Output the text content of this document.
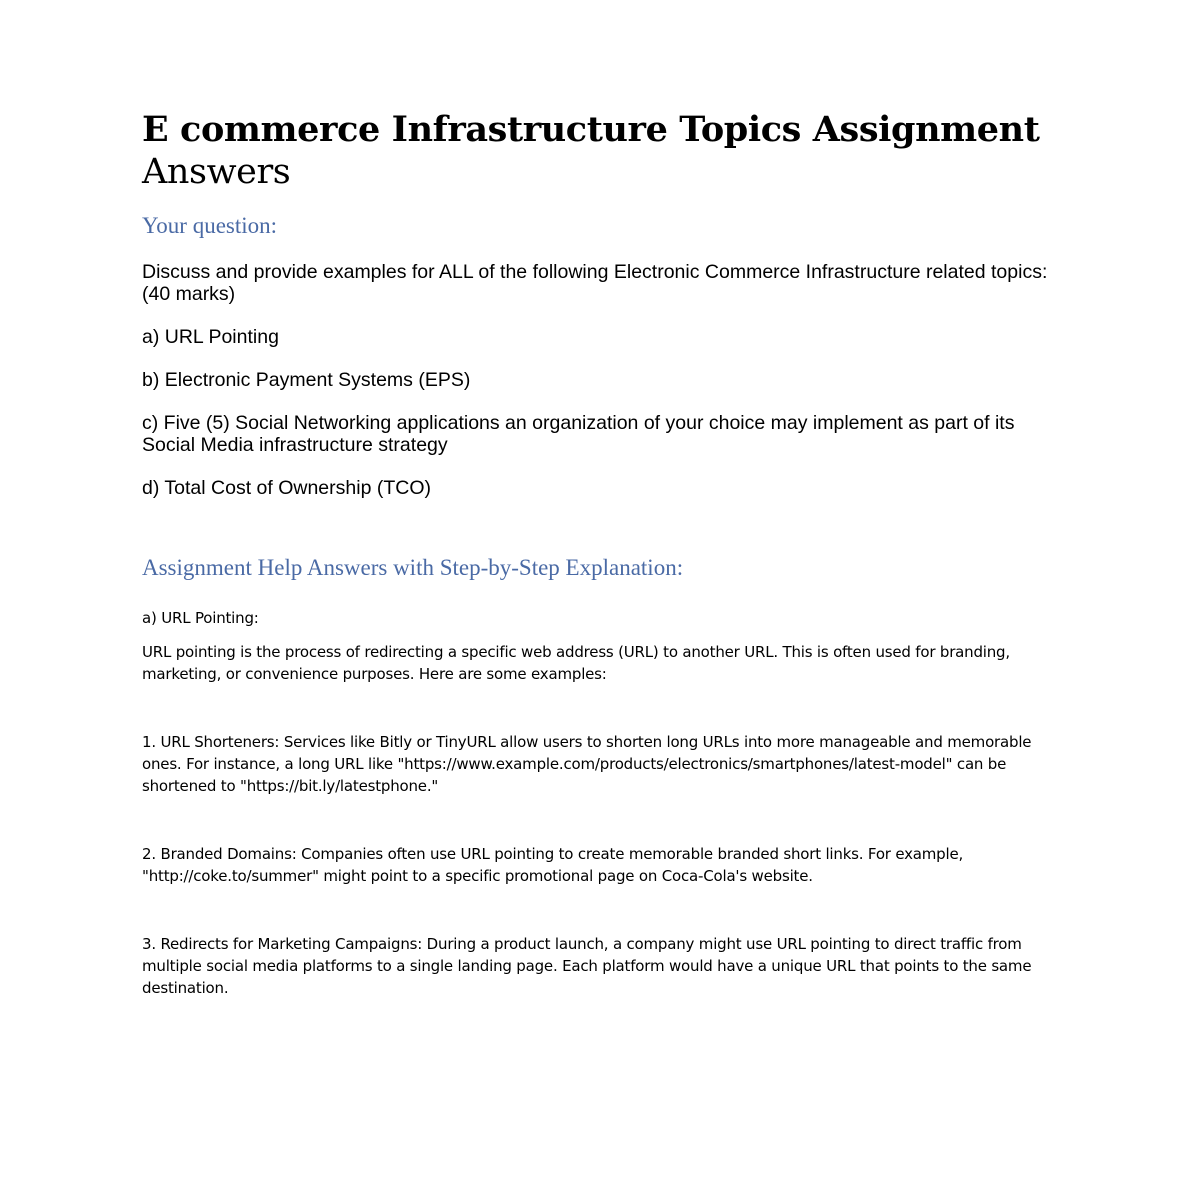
E commerce Infrastructure Topics Assignment
Answers
Your question:

Discuss and provide examples for ALL of the following Electronic Commerce Infrastructure related topics: (40 marks)

a) URL Pointing

b) Electronic Payment Systems (EPS)

c) Five (5) Social Networking applications an organization of your choice may implement as part of its Social Media infrastructure strategy

d) Total Cost of Ownership (TCO)

Assignment Help Answers with Step-by-Step Explanation:

a) URL Pointing:

URL pointing is the process of redirecting a specific web address (URL) to another URL. This is often used for branding, marketing, or convenience purposes. Here are some examples:

1. URL Shorteners: Services like Bitly or TinyURL allow users to shorten long URLs into more manageable and memorable ones. For instance, a long URL like "https://www.example.com/products/electronics/smartphones/latest-model" can be shortened to "https://bit.ly/latestphone."

2. Branded Domains: Companies often use URL pointing to create memorable branded short links. For example, "http://coke.to/summer" might point to a specific promotional page on Coca-Cola's website.

3. Redirects for Marketing Campaigns: During a product launch, a company might use URL pointing to direct traffic from multiple social media platforms to a single landing page. Each platform would have a unique URL that points to the same destination.
